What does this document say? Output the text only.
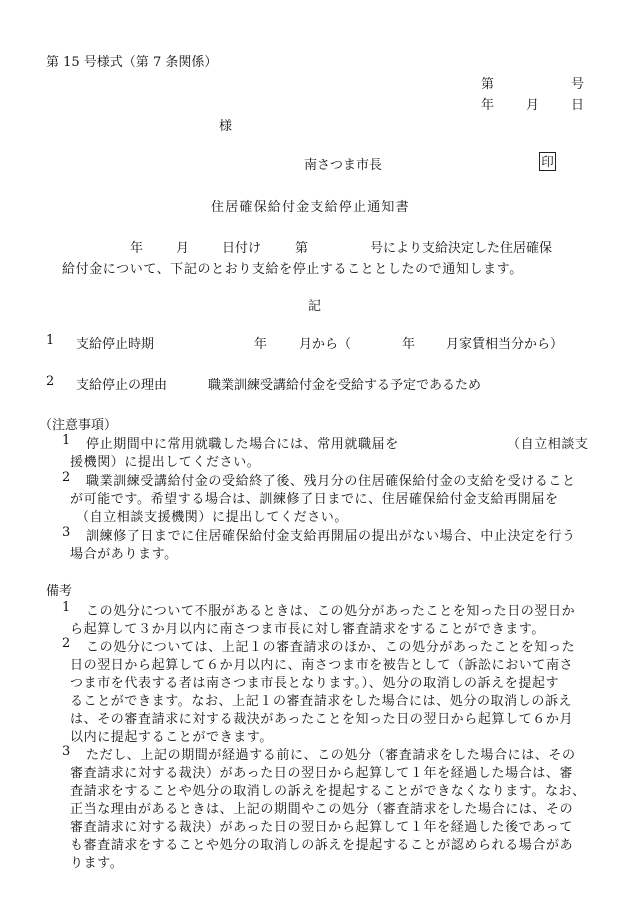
第 15 号様式（第 7 条関係）
第	号
年 月 日
様
南さつま市長	印
住居確保給付金支給停止通知書
年	月	日付け	第	号により支給決定した住居確保
給付金について、下記のとおり支給を停止することとしたので通知します。
記
1 支給停止時期	年 月から（	年 月家賃相当分から）
2 支給停止の理由	職業訓練受講給付金を受給する予定であるため
（注意事項）
1 停止期間中に常用就職した場合には、常用就職届を	（自立相談支
援機関）に提出してください。
2 職業訓練受講給付金の受給終了後、残月分の住居確保給付金の支給を受けること
が可能です。希望する場合は、訓練修了日までに、住居確保給付金支給再開届を
（自立相談支援機関）に提出してください。
3 訓練修了日までに住居確保給付金支給再開届の提出がない場合、中止決定を行う
場合があります。
備考
1 この処分について不服があるときは、この処分があったことを知った日の翌日か
ら起算して３か月以内に南さつま市長に対し審査請求をすることができます。
2 この処分については、上記１の審査請求のほか、この処分があったことを知った
日の翌日から起算して６か月以内に、南さつま市を被告として（訴訟において南さ
つま市を代表する者は南さつま市長となります。）、処分の取消しの訴えを提起す
ることができます。なお、上記１の審査請求をした場合には、処分の取消しの訴え
は、その審査請求に対する裁決があったことを知った日の翌日から起算して６か月
以内に提起することができます。
3 ただし、上記の期間が経過する前に、この処分（審査請求をした場合には、その
審査請求に対する裁決）があった日の翌日から起算して１年を経過した場合は、審
査請求をすることや処分の取消しの訴えを提起することができなくなります。なお、
正当な理由があるときは、上記の期間やこの処分（審査請求をした場合には、その
審査請求に対する裁決）があった日の翌日から起算して１年を経過した後であって
も審査請求をすることや処分の取消しの訴えを提起することが認められる場合があ
ります。
